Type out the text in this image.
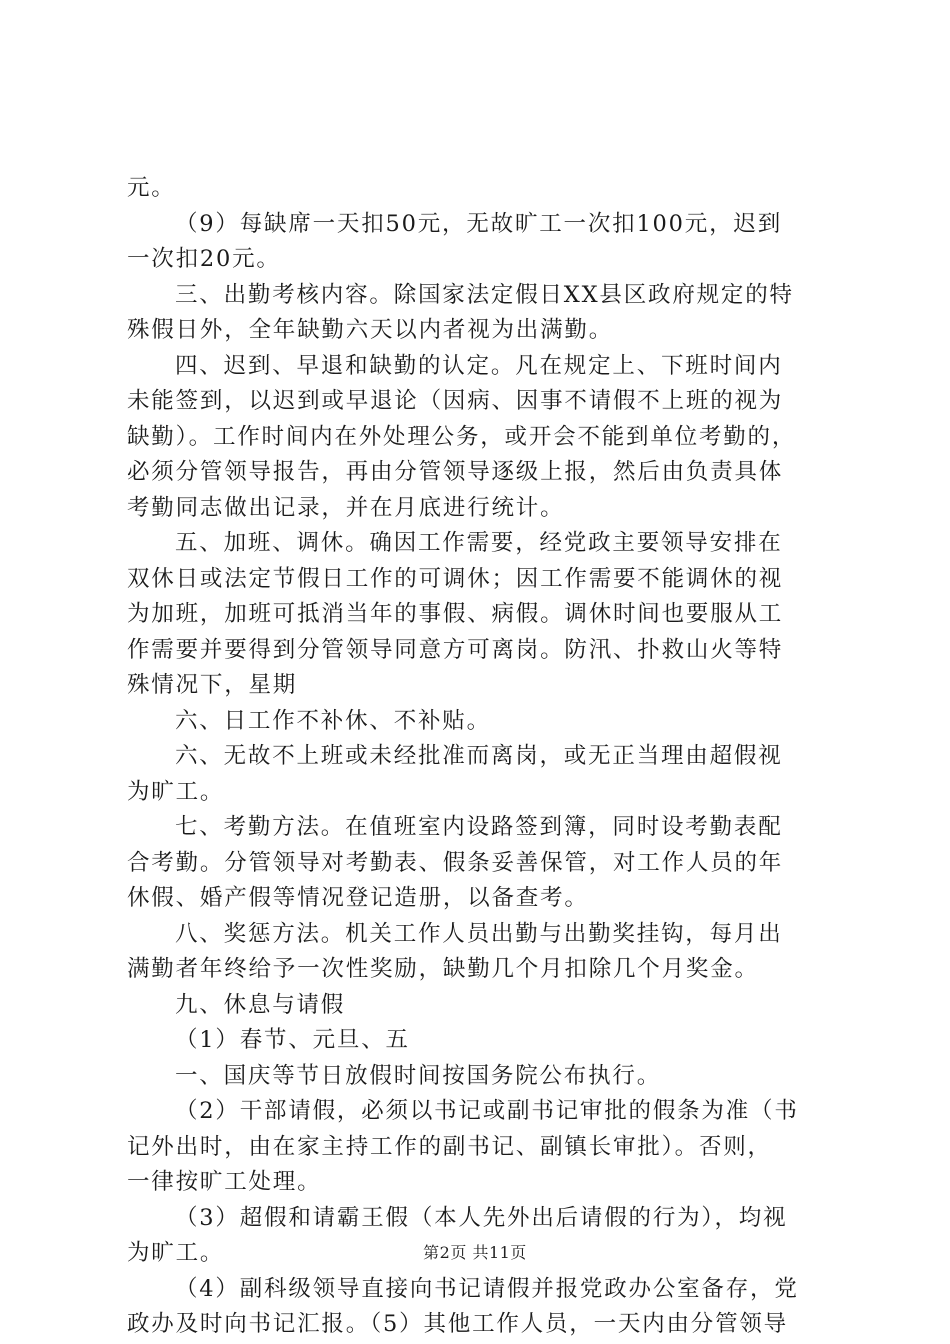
元。
（9）每缺席一天扣50元，无故旷工一次扣100元，迟到
一次扣20元。
三、出勤考核内容。除国家法定假日XX县区政府规定的特
殊假日外，全年缺勤六天以内者视为出满勤。
四、迟到、早退和缺勤的认定。凡在规定上、下班时间内
未能签到，以迟到或早退论（因病、因事不请假不上班的视为
缺勤）。工作时间内在外处理公务，或开会不能到单位考勤的，
必须分管领导报告，再由分管领导逐级上报，然后由负责具体
考勤同志做出记录，并在月底进行统计。
五、加班、调休。确因工作需要，经党政主要领导安排在
双休日或法定节假日工作的可调休；因工作需要不能调休的视
为加班，加班可抵消当年的事假、病假。调休时间也要服从工
作需要并要得到分管领导同意方可离岗。防汛、扑救山火等特
殊情况下，星期
六、日工作不补休、不补贴。
六、无故不上班或未经批准而离岗，或无正当理由超假视
为旷工。
七、考勤方法。在值班室内设路签到簿，同时设考勤表配
合考勤。分管领导对考勤表、假条妥善保管，对工作人员的年
休假、婚产假等情况登记造册，以备查考。
八、奖惩方法。机关工作人员出勤与出勤奖挂钩，每月出
满勤者年终给予一次性奖励，缺勤几个月扣除几个月奖金。
九、休息与请假
（1）春节、元旦、五
一、国庆等节日放假时间按国务院公布执行。
（2）干部请假，必须以书记或副书记审批的假条为准（书
记外出时，由在家主持工作的副书记、副镇长审批）。否则，
一律按旷工处理。
（3）超假和请霸王假（本人先外出后请假的行为），均视
为旷工。
（4）副科级领导直接向书记请假并报党政办公室备存，党
政办及时向书记汇报。（5）其他工作人员，一天内由分管领导
第2页 共11页
